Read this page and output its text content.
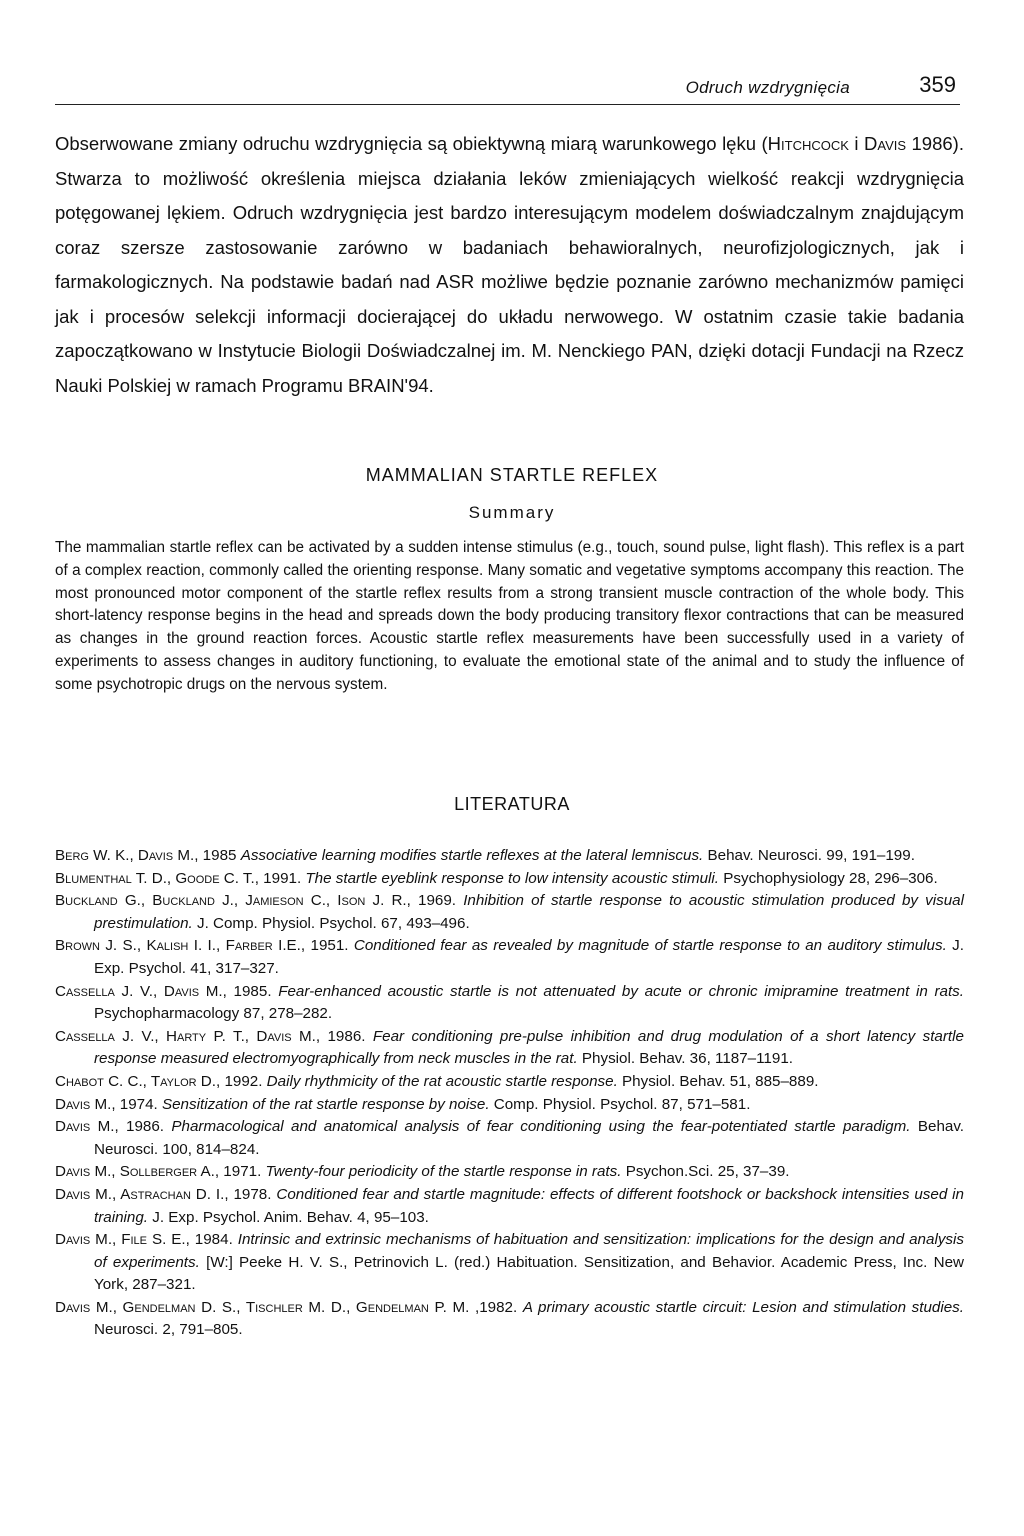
Odruch wzdrygnięcia	359

Obserwowane zmiany odruchu wzdrygnięcia są obiektywną miarą warunkowego lęku (Hitchcock i Davis 1986). Stwarza to możliwość określenia miejsca działania leków zmieniających wielkość reakcji wzdrygnięcia potęgowanej lękiem. Odruch wzdrygnięcia jest bardzo interesującym modelem doświadczalnym znajdującym coraz szersze zastosowanie zarówno w badaniach behawioralnych, neurofizjologicznych, jak i farmakologicznych. Na podstawie badań nad ASR możliwe będzie poznanie zarówno mechanizmów pamięci jak i procesów selekcji informacji docierającej do układu nerwowego. W ostatnim czasie takie badania zapoczątkowano w Instytucie Biologii Doświadczalnej im. M. Nenckiego PAN, dzięki dotacji Fundacji na Rzecz Nauki Polskiej w ramach Programu BRAIN'94.

MAMMALIAN STARTLE REFLEX
Summary

The mammalian startle reflex can be activated by a sudden intense stimulus (e.g., touch, sound pulse, light flash). This reflex is a part of a complex reaction, commonly called the orienting response. Many somatic and vegetative symptoms accompany this reaction. The most pronounced motor component of the startle reflex results from a strong transient muscle contraction of the whole body. This short-latency response begins in the head and spreads down the body producing transitory flexor contractions that can be measured as changes in the ground reaction forces. Acoustic startle reflex measurements have been successfully used in a variety of experiments to assess changes in auditory functioning, to evaluate the emotional state of the animal and to study the influence of some psychotropic drugs on the nervous system.

LITERATURA
Berg W. K., Davis M., 1985 Associative learning modifies startle reflexes at the lateral lemniscus. Behav. Neurosci. 99, 191–199.
Blumenthal T. D., Goode C. T., 1991. The startle eyeblink response to low intensity acoustic stimuli. Psychophysiology 28, 296–306.
Buckland G., Buckland J., Jamieson C., Ison J. R., 1969. Inhibition of startle response to acoustic stimulation produced by visual prestimulation. J. Comp. Physiol. Psychol. 67, 493–496.
Brown J. S., Kalish I. I., Farber I.E., 1951. Conditioned fear as revealed by magnitude of startle response to an auditory stimulus. J. Exp. Psychol. 41, 317–327.
Cassella J. V., Davis M., 1985. Fear-enhanced acoustic startle is not attenuated by acute or chronic imipramine treatment in rats. Psychopharmacology 87, 278–282.
Cassella J. V., Harty P. T., Davis M., 1986. Fear conditioning pre-pulse inhibition and drug modulation of a short latency startle response measured electromyographically from neck muscles in the rat. Physiol. Behav. 36, 1187–1191.
Chabot C. C., Taylor D., 1992. Daily rhythmicity of the rat acoustic startle response. Physiol. Behav. 51, 885–889.
Davis M., 1974. Sensitization of the rat startle response by noise. Comp. Physiol. Psychol. 87, 571–581.
Davis M., 1986. Pharmacological and anatomical analysis of fear conditioning using the fear-potentiated startle paradigm. Behav. Neurosci. 100, 814–824.
Davis M., Sollberger A., 1971. Twenty-four periodicity of the startle response in rats. Psychon.Sci. 25, 37–39.
Davis M., Astrachan D. I., 1978. Conditioned fear and startle magnitude: effects of different footshock or backshock intensities used in training. J. Exp. Psychol. Anim. Behav. 4, 95–103.
Davis M., File S. E., 1984. Intrinsic and extrinsic mechanisms of habituation and sensitization: implications for the design and analysis of experiments. [W:] Peeke H. V. S., Petrinovich L. (red.) Habituation. Sensitization, and Behavior. Academic Press, Inc. New York, 287–321.
Davis M., Gendelman D. S., Tischler M. D., Gendelman P. M. ,1982. A primary acoustic startle circuit: Lesion and stimulation studies. Neurosci. 2, 791–805.
